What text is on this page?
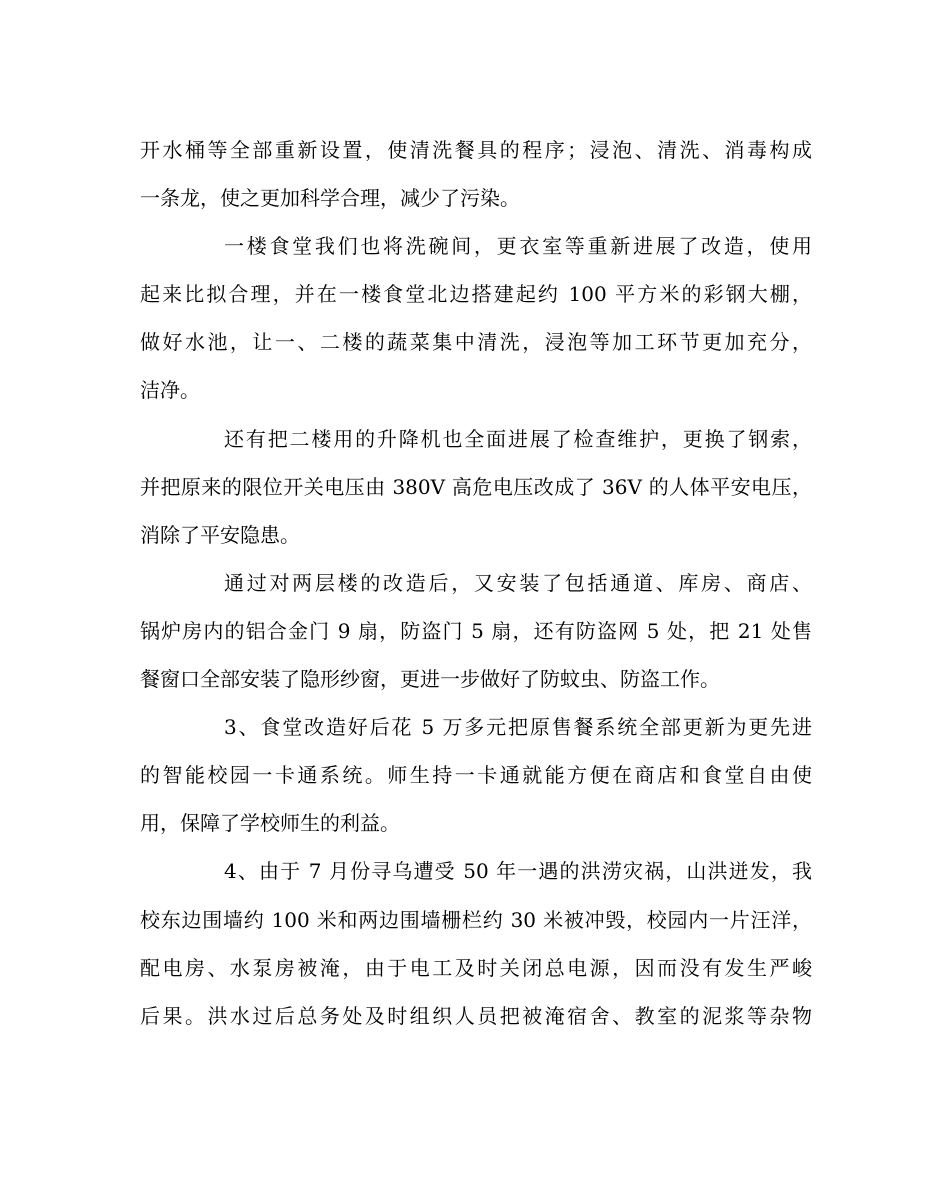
开水桶等全部重新设置，使清洗餐具的程序；浸泡、清洗、消毒构成
一条龙，使之更加科学合理，减少了污染。
一楼食堂我们也将洗碗间，更衣室等重新进展了改造，使用
起来比拟合理，并在一楼食堂北边搭建起约 100 平方米的彩钢大棚，
做好水池，让一、二楼的蔬菜集中清洗，浸泡等加工环节更加充分，
洁净。
还有把二楼用的升降机也全面进展了检查维护，更换了钢索，
并把原来的限位开关电压由 380V 高危电压改成了 36V 的人体平安电压，
消除了平安隐患。
通过对两层楼的改造后，又安装了包括通道、库房、商店、
锅炉房内的铝合金门 9 扇，防盗门 5 扇，还有防盗网 5 处，把 21 处售
餐窗口全部安装了隐形纱窗，更进一步做好了防蚊虫、防盗工作。
3、食堂改造好后花 5 万多元把原售餐系统全部更新为更先进
的智能校园一卡通系统。师生持一卡通就能方便在商店和食堂自由使
用，保障了学校师生的利益。
4、由于 7 月份寻乌遭受 50 年一遇的洪涝灾祸，山洪迸发，我
校东边围墙约 100 米和两边围墙栅栏约 30 米被冲毁，校园内一片汪洋，
配电房、水泵房被淹，由于电工及时关闭总电源，因而没有发生严峻
后果。洪水过后总务处及时组织人员把被淹宿舍、教室的泥浆等杂物
